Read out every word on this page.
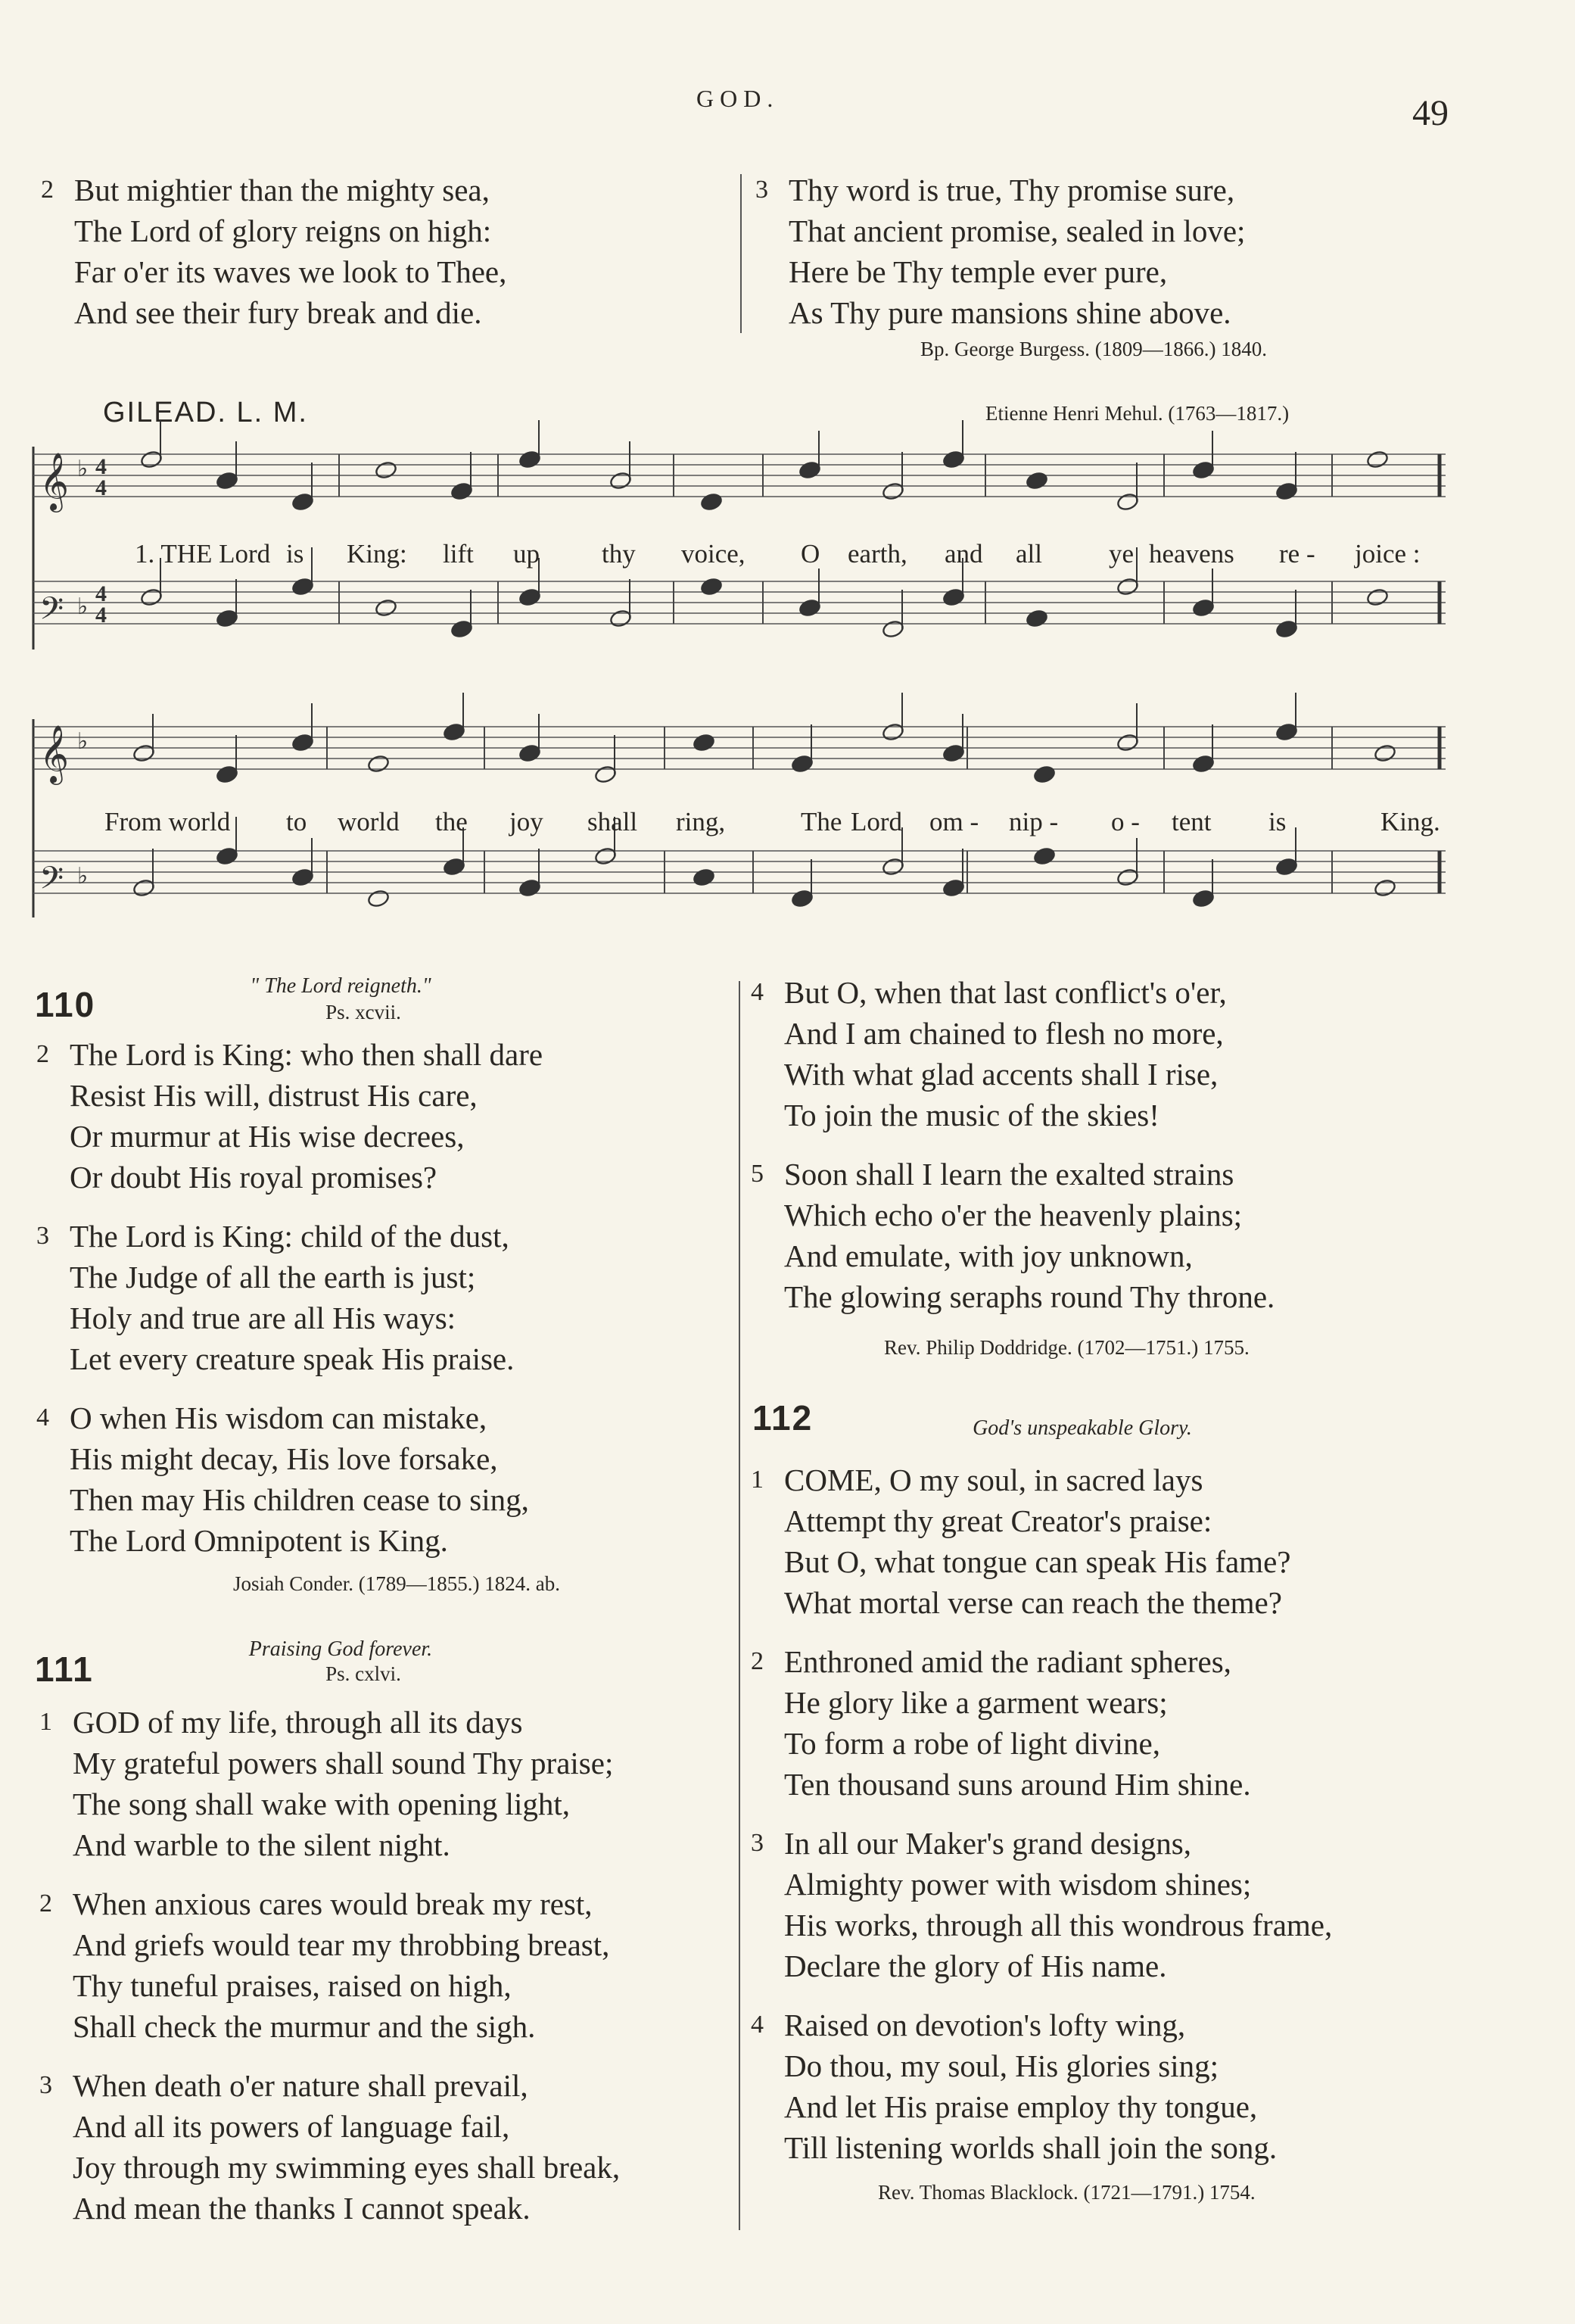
GOD.	49
2 But mightier than the mighty sea,
The Lord of glory reigns on high:
Far o'er its waves we look to Thee,
And see their fury break and die.
3 Thy word is true, Thy promise sure,
That ancient promise, sealed in love;
Here be Thy temple ever pure,
As Thy pure mansions shine above.
Bp. George Burgess. (1809—1866.) 1840.
GILEAD. L. M.	Etienne Henri Mehul. (1763—1817.)
𝄞 ♭
𝄢 ♭
𝄞 ♭
𝄢 ♭
4
4
4
4
1. THE Lord is King: lift up thy voice, O earth, and all	ye heavens re - joice :
From world to world the joy shall ring,	The Lord om - nip - o - tent is	King.
110	" The Lord reigneth."
Ps. xcvii.
2 The Lord is King: who then shall dare
Resist His will, distrust His care,
Or murmur at His wise decrees,
Or doubt His royal promises?
3 The Lord is King: child of the dust,
The Judge of all the earth is just;
Holy and true are all His ways:
Let every creature speak His praise.
4 O when His wisdom can mistake,
His might decay, His love forsake,
Then may His children cease to sing,
The Lord Omnipotent is King.
Josiah Conder. (1789—1855.) 1824. ab.
111
Praising God forever.
Ps. cxlvi.
1 GOD of my life, through all its days
My grateful powers shall sound Thy praise;
The song shall wake with opening light,
And warble to the silent night.
2 When anxious cares would break my rest,
And griefs would tear my throbbing breast,
Thy tuneful praises, raised on high,
Shall check the murmur and the sigh.
3 When death o'er nature shall prevail,
And all its powers of language fail,
Joy through my swimming eyes shall break,
And mean the thanks I cannot speak.
4 But O, when that last conflict's o'er,
And I am chained to flesh no more,
With what glad accents shall I rise,
To join the music of the skies!
5 Soon shall I learn the exalted strains
Which echo o'er the heavenly plains;
And emulate, with joy unknown,
The glowing seraphs round Thy throne.
Rev. Philip Doddridge. (1702—1751.) 1755.
112	God's unspeakable Glory.
1 COME, O my soul, in sacred lays
Attempt thy great Creator's praise:
But O, what tongue can speak His fame?
What mortal verse can reach the theme?
2 Enthroned amid the radiant spheres,
He glory like a garment wears;
To form a robe of light divine,
Ten thousand suns around Him shine.
3 In all our Maker's grand designs,
Almighty power with wisdom shines;
His works, through all this wondrous frame,
Declare the glory of His name.
4 Raised on devotion's lofty wing,
Do thou, my soul, His glories sing;
And let His praise employ thy tongue,
Till listening worlds shall join the song.
Rev. Thomas Blacklock. (1721—1791.) 1754.
